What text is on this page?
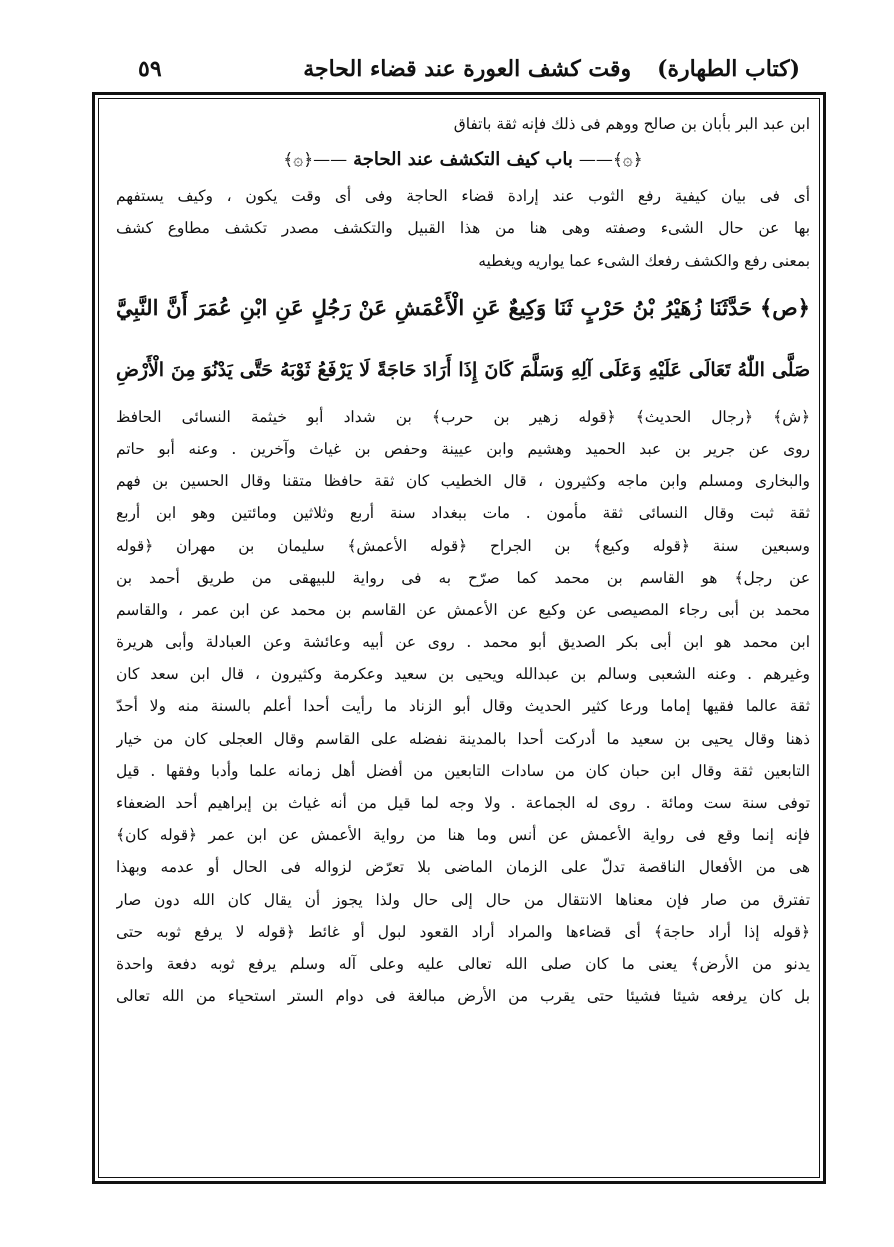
٥٩	(كتاب الطهارة)وقت كشف العورة عند قضاء الحاجة
ابن عبد البر بأبان بن صالح ووهم فى ذلك فإنه ثقة باتفاق
﴿۞﴾——باب كيف التكشف عند الحاجة——﴿۞﴾
أى فى بيان كيفية رفع الثوب عند إرادة قضاء الحاجة وفى أى وقت يكون ، وكيف يستفهم
بها عن حال الشىء وصفته وهى هنا من هذا القبيل والتكشف مصدر تكشف مطاوع كشف
بمعنى رفع والكشف رفعك الشىء عما يواريه ويغطيه
﴿ص﴾ حَدَّثَنَا زُهَيْرُ بْنُ حَرْبٍ ثَنَا وَكِيعٌ عَنِ الْأَعْمَشِ عَنْ رَجُلٍ عَنِ ابْنِ عُمَرَ أَنَّ النَّبِيَّ
صَلَّى اللّٰهُ تَعَالَى عَلَيْهِ وَعَلَى آلِهِ وَسَلَّمَ كَانَ إِذَا أَرَادَ حَاجَةً لَا يَرْفَعُ ثَوْبَهُ حَتَّى يَدْنُوَ مِنَ الْأَرْضِ
﴿ش﴾ ﴿رجال الحديث﴾ ﴿قوله زهير بن حرب﴾ بن شداد أبو خيثمة النسائى الحافظ
روى عن جرير بن عبد الحميد وهشيم وابن عيينة وحفص بن غياث وآخرين . وعنه أبو حاتم
والبخارى ومسلم وابن ماجه وكثيرون ، قال الخطيب كان ثقة حافظا متقنا وقال الحسين بن فهم
ثقة ثبت وقال النسائى ثقة مأمون . مات ببغداد سنة أربع وثلاثين ومائتين وهو ابن أربع
وسبعين سنة ﴿قوله وكيع﴾ بن الجراح ﴿قوله الأعمش﴾ سليمان بن مهران ﴿قوله
عن رجل﴾ هو القاسم بن محمد كما صرّح به فى رواية للبيهقى من طريق أحمد بن
محمد بن أبى رجاء المصيصى عن وكيع عن الأعمش عن القاسم بن محمد عن ابن عمر ، والقاسم
ابن محمد هو ابن أبى بكر الصديق أبو محمد . روى عن أبيه وعائشة وعن العبادلة وأبى هريرة
وغيرهم . وعنه الشعبى وسالم بن عبدالله ويحيى بن سعيد وعكرمة وكثيرون ، قال ابن سعد كان
ثقة عالما فقيها إماما ورعا كثير الحديث وقال أبو الزناد ما رأيت أحدا أعلم بالسنة منه ولا أحدّ
ذهنا وقال يحيى بن سعيد ما أدركت أحدا بالمدينة نفضله على القاسم وقال العجلى كان من خيار
التابعين ثقة وقال ابن حبان كان من سادات التابعين من أفضل أهل زمانه علما وأدبا وفقها . قيل
توفى سنة ست ومائة . روى له الجماعة . ولا وجه لما قيل من أنه غياث بن إبراهيم أحد الضعفاء
فإنه إنما وقع فى رواية الأعمش عن أنس وما هنا من رواية الأعمش عن ابن عمر ﴿قوله كان﴾
هى من الأفعال الناقصة تدلّ على الزمان الماضى بلا تعرّض لزواله فى الحال أو عدمه وبهذا
تفترق من صار فإن معناها الانتقال من حال إلى حال ولذا يجوز أن يقال كان الله دون صار
﴿قوله إذا أراد حاجة﴾ أى قضاءها والمراد أراد القعود لبول أو غائط ﴿قوله لا يرفع ثوبه حتى
يدنو من الأرض﴾ يعنى ما كان صلى الله تعالى عليه وعلى آله وسلم يرفع ثوبه دفعة واحدة
بل كان يرفعه شيئا فشيئا حتى يقرب من الأرض مبالغة فى دوام الستر استحياء من الله تعالى
